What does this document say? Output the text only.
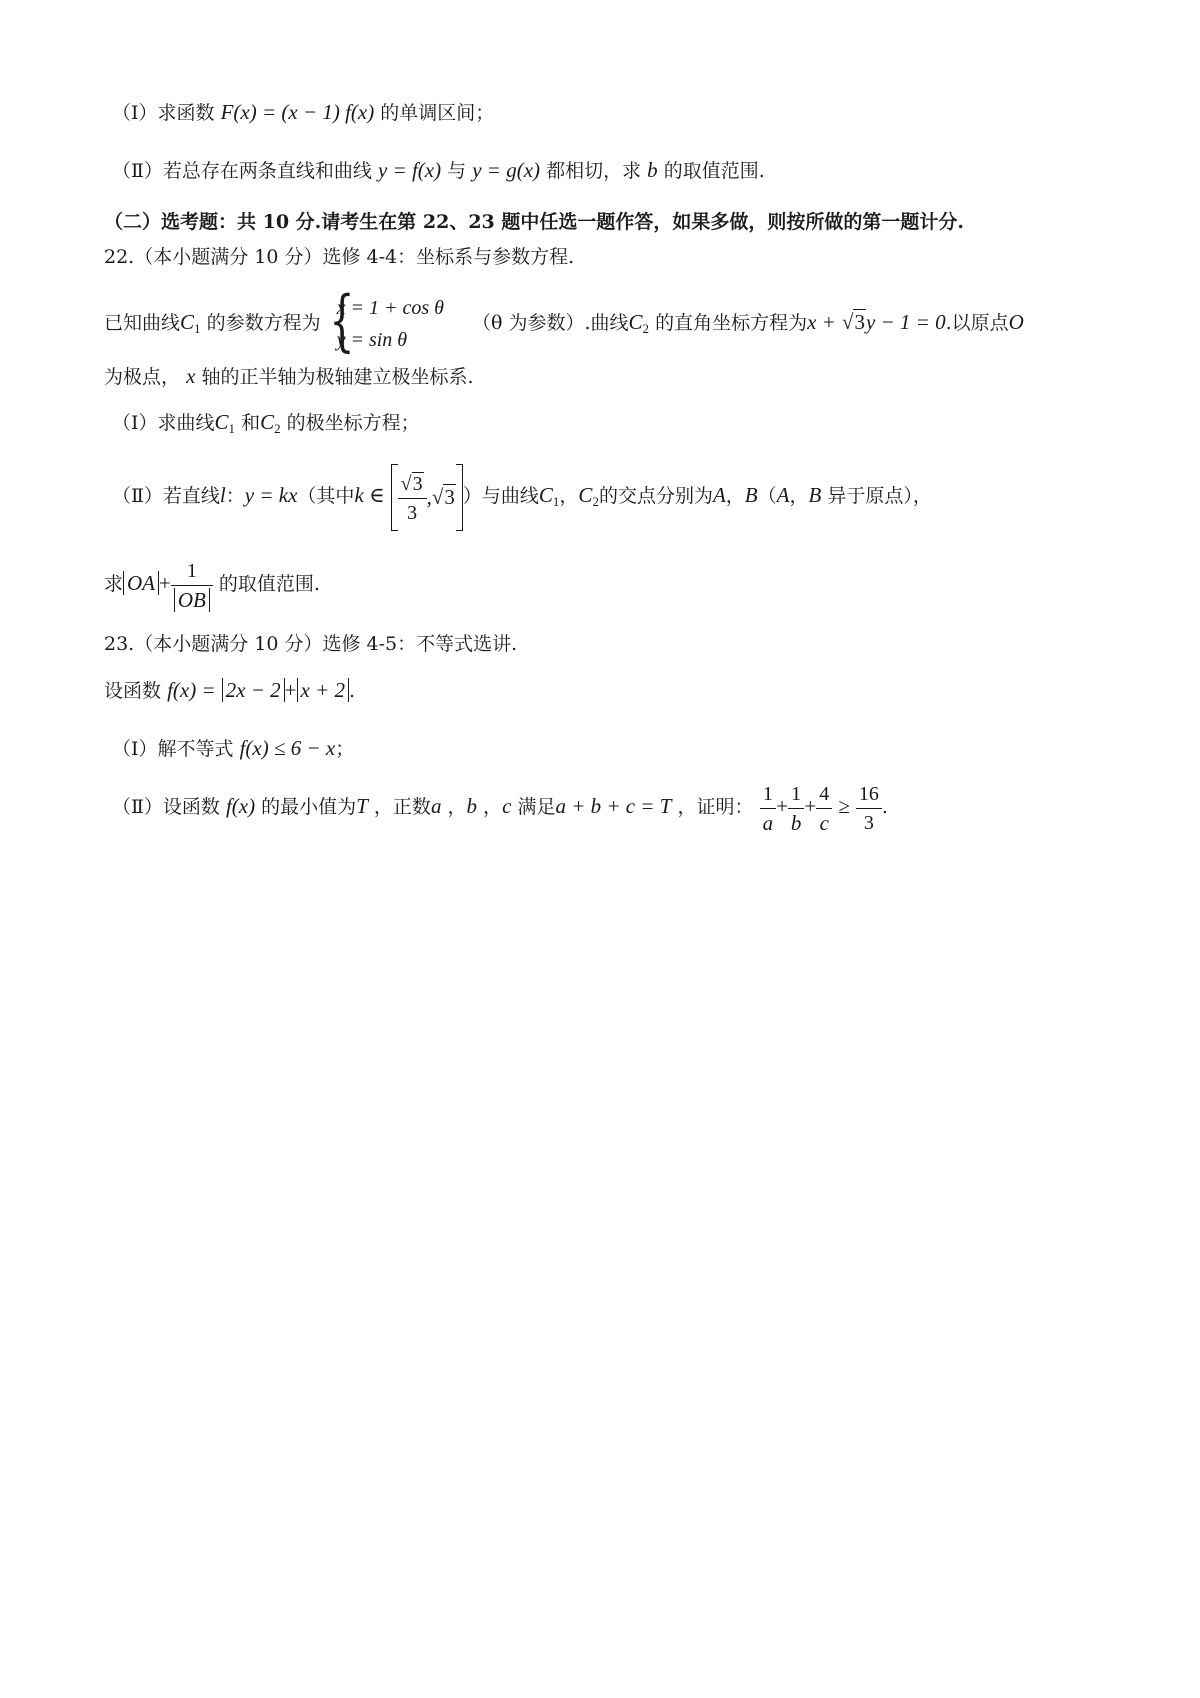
（Ⅰ）求函数 F(x) = (x − 1) f(x) 的单调区间；
（Ⅱ）若总存在两条直线和曲线 y = f(x) 与 y = g(x) 都相切，求 b 的取值范围.
（二）选考题：共 10 分.请考生在第 22、23 题中任选一题作答，如果多做，则按所做的第一题计分.
22.（本小题满分 10 分）选修 4-4：坐标系与参数方程.
已知曲线$C_1$ 的参数方程为 {
x = 1 + cos θ
y = sin θ
（θ 为参数）.曲线$C_2$ 的直角坐标方程为x + √3y − 1 = 0.以原点O
为极点， x 轴的正半轴为极轴建立极坐标系.
（Ⅰ）求曲线$C_1$ 和$C_2$ 的极坐标方程；
（Ⅱ）若直线l：y = kx（其中k ∈ $\frac{√3}{3} ,√3$ ）与曲线$C_1$，$C_2$的交点分别为A，B（A，B 异于原点），
求 OA + $\frac{1}{OB}$ 的取值范围.
23.（本小题满分 10 分）选修 4-5：不等式选讲.
设函数 f(x) = 2x − 2 + x + 2 .
（Ⅰ）解不等式 f(x) ≤ 6 − x；
（Ⅱ）设函数 f(x) 的最小值为T ，正数a ，b ，c 满足a + b + c = T ，证明： $\frac{1}{a} + \frac{1}{b} + \frac{4}{c} \ge \frac{16}{3}$ .
